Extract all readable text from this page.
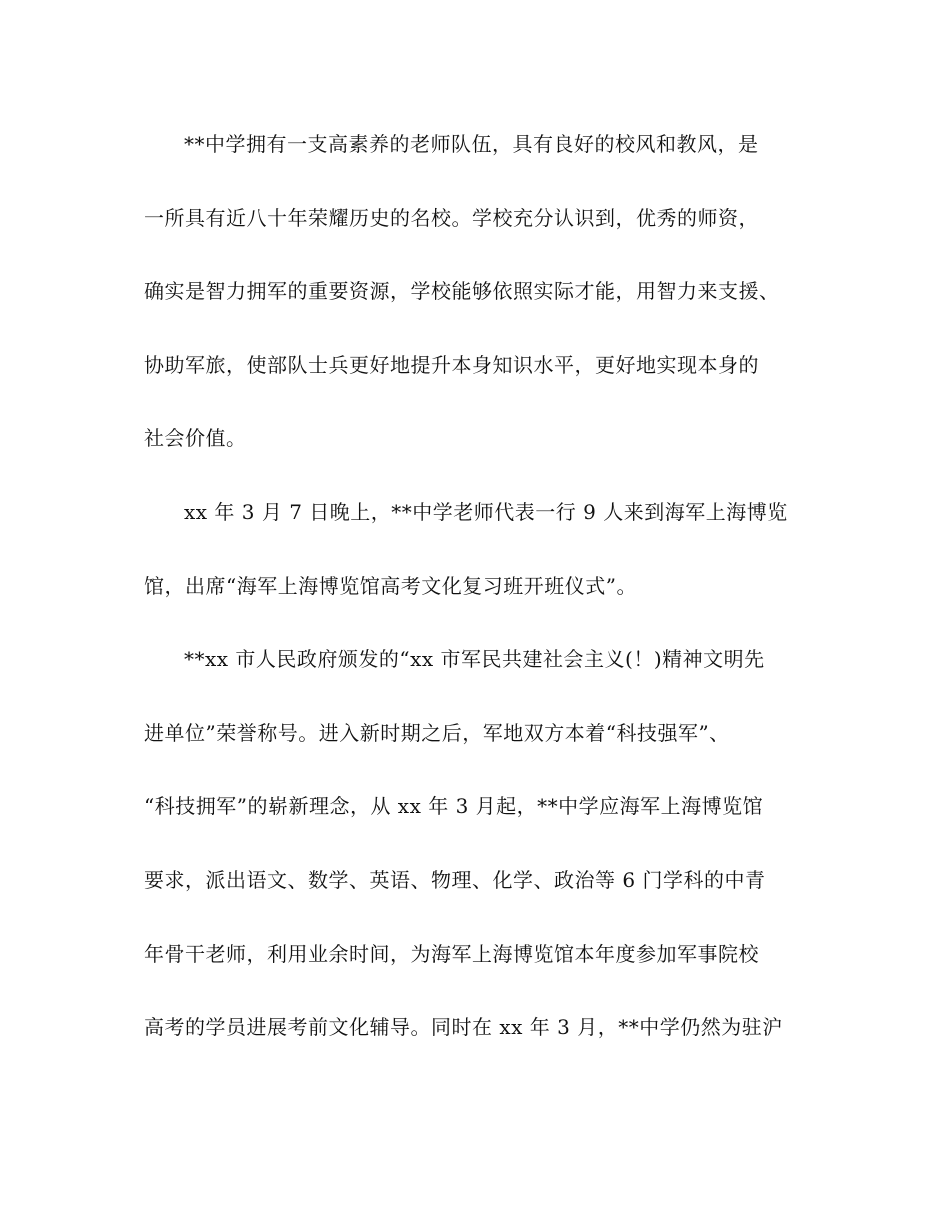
**中学拥有一支高素养的老师队伍，具有良好的校风和教风，是
一所具有近八十年荣耀历史的名校。学校充分认识到，优秀的师资，
确实是智力拥军的重要资源，学校能够依照实际才能，用智力来支援、
协助军旅，使部队士兵更好地提升本身知识水平，更好地实现本身的
社会价值。
xx 年 3 月 7 日晚上，**中学老师代表一行 9 人来到海军上海博览
馆，出席“海军上海博览馆高考文化复习班开班仪式”。
**xx 市人民政府颁发的“xx 市军民共建社会主义(！)精神文明先
进单位”荣誉称号。进入新时期之后，军地双方本着“科技强军”、
“科技拥军”的崭新理念，从 xx 年 3 月起，**中学应海军上海博览馆
要求，派出语文、数学、英语、物理、化学、政治等 6 门学科的中青
年骨干老师，利用业余时间，为海军上海博览馆本年度参加军事院校
高考的学员进展考前文化辅导。同时在 xx 年 3 月，**中学仍然为驻沪
